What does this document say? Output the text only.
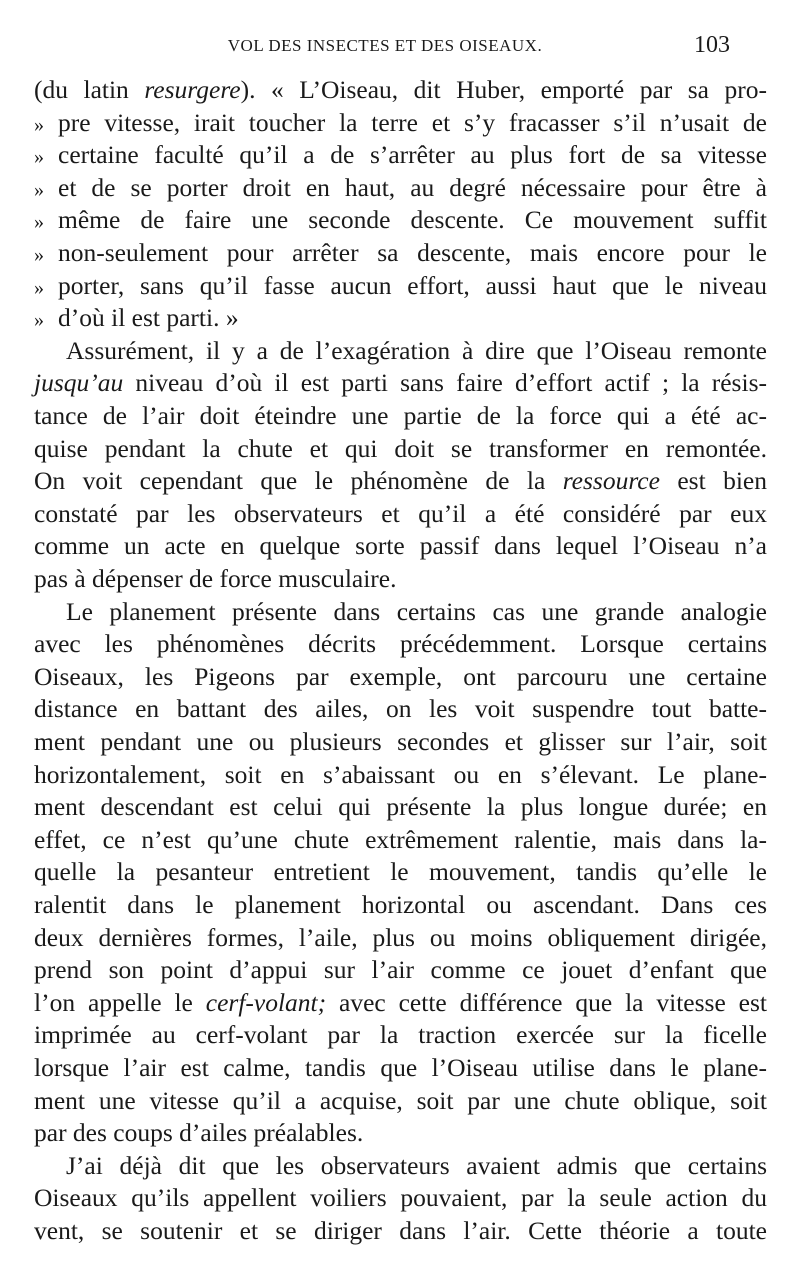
VOL DES INSECTES ET DES OISEAUX.	103
(du latin resurgere). « L’Oiseau, dit Huber, emporté par sa pro-
» pre vitesse, irait toucher la terre et s’y fracasser s’il n’usait de
» certaine faculté qu’il a de s’arrêter au plus fort de sa vitesse
» et de se porter droit en haut, au degré nécessaire pour être à
» même de faire une seconde descente. Ce mouvement suffit
» non-seulement pour arrêter sa descente, mais encore pour le
» porter, sans qu’il fasse aucun effort, aussi haut que le niveau
» d’où il est parti. »
Assurément, il y a de l’exagération à dire que l’Oiseau remonte
jusqu’au niveau d’où il est parti sans faire d’effort actif ; la résis-
tance de l’air doit éteindre une partie de la force qui a été ac-
quise pendant la chute et qui doit se transformer en remontée.
On voit cependant que le phénomène de la ressource est bien
constaté par les observateurs et qu’il a été considéré par eux
comme un acte en quelque sorte passif dans lequel l’Oiseau n’a
pas à dépenser de force musculaire.
Le planement présente dans certains cas une grande analogie
avec les phénomènes décrits précédemment. Lorsque certains
Oiseaux, les Pigeons par exemple, ont parcouru une certaine
distance en battant des ailes, on les voit suspendre tout batte-
ment pendant une ou plusieurs secondes et glisser sur l’air, soit
horizontalement, soit en s’abaissant ou en s’élevant. Le plane-
ment descendant est celui qui présente la plus longue durée; en
effet, ce n’est qu’une chute extrêmement ralentie, mais dans la-
quelle la pesanteur entretient le mouvement, tandis qu’elle le
ralentit dans le planement horizontal ou ascendant. Dans ces
deux dernières formes, l’aile, plus ou moins obliquement dirigée,
prend son point d’appui sur l’air comme ce jouet d’enfant que
l’on appelle le cerf-volant; avec cette différence que la vitesse est
imprimée au cerf-volant par la traction exercée sur la ficelle
lorsque l’air est calme, tandis que l’Oiseau utilise dans le plane-
ment une vitesse qu’il a acquise, soit par une chute oblique, soit
par des coups d’ailes préalables.
J’ai déjà dit que les observateurs avaient admis que certains
Oiseaux qu’ils appellent voiliers pouvaient, par la seule action du
vent, se soutenir et se diriger dans l’air. Cette théorie a toute
